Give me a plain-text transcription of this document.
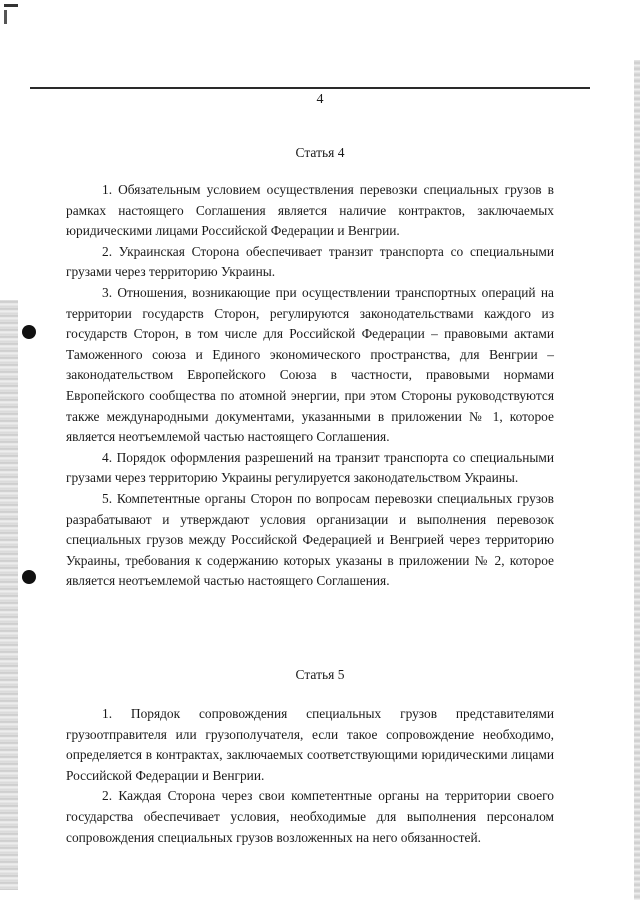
4
Статья 4

1. Обязательным условием осуществления перевозки специальных грузов в рамках настоящего Соглашения является наличие контрактов, заключаемых юридическими лицами Российской Федерации и Венгрии.

2. Украинская Сторона обеспечивает транзит транспорта со специальными грузами через территорию Украины.

3. Отношения, возникающие при осуществлении транспортных операций на территории государств Сторон, регулируются законодательствами каждого из государств Сторон, в том числе для Российской Федерации – правовыми актами Таможенного союза и Единого экономического пространства, для Венгрии – законодательством Европейского Союза в частности, правовыми нормами Европейского сообщества по атомной энергии, при этом Стороны руководствуются также международными документами, указанными в приложении № 1, которое является неотъемлемой частью настоящего Соглашения.

4. Порядок оформления разрешений на транзит транспорта со специальными грузами через территорию Украины регулируется законодательством Украины.

5. Компетентные органы Сторон по вопросам перевозки специальных грузов разрабатывают и утверждают условия организации и выполнения перевозок специальных грузов между Российской Федерацией и Венгрией через территорию Украины, требования к содержанию которых указаны в приложении № 2, которое является неотъемлемой частью настоящего Соглашения.

Статья 5

1. Порядок сопровождения специальных грузов представителями грузоотправителя или грузополучателя, если такое сопровождение необходимо, определяется в контрактах, заключаемых соответствующими юридическими лицами Российской Федерации и Венгрии.

2. Каждая Сторона через свои компетентные органы на территории своего государства обеспечивает условия, необходимые для выполнения персоналом сопровождения специальных грузов возложенных на него обязанностей.
